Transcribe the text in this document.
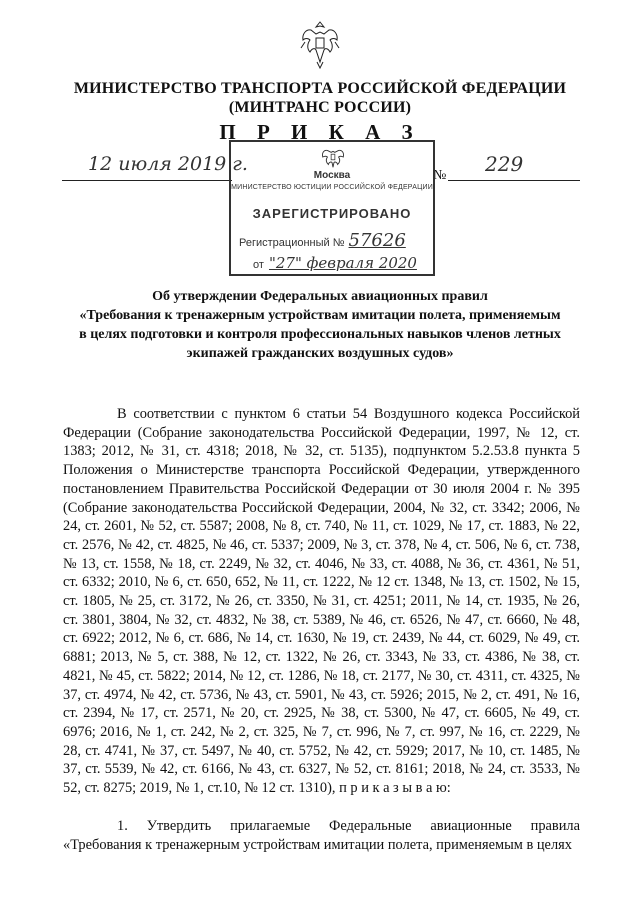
МИНИСТЕРСТВО ТРАНСПОРТА РОССИЙСКОЙ ФЕДЕРАЦИИ
(МИНТРАНС РОССИИ)
П Р И К А З
12 июля 2019 г.
№ 229
Москва
МИНИСТЕРСТВО ЮСТИЦИИ РОССИЙСКОЙ ФЕДЕРАЦИИ
ЗАРЕГИСТРИРОВАНО
Регистрационный № 57626
от "27" февраля 2020
Об утверждении Федеральных авиационных правил
«Требования к тренажерным устройствам имитации полета, применяемым
в целях подготовки и контроля профессиональных навыков членов летных
экипажей гражданских воздушных судов»
В соответствии с пунктом 6 статьи 54 Воздушного кодекса Российской Федерации (Собрание законодательства Российской Федерации, 1997, № 12, ст. 1383; 2012, № 31, ст. 4318; 2018, № 32, ст. 5135), подпунктом 5.2.53.8 пункта 5 Положения о Министерстве транспорта Российской Федерации, утвержденного постановлением Правительства Российской Федерации от 30 июля 2004 г. № 395 (Собрание законодательства Российской Федерации, 2004, № 32, ст. 3342; 2006, № 24, ст. 2601, № 52, ст. 5587; 2008, № 8, ст. 740, № 11, ст. 1029, № 17, ст. 1883, № 22, ст. 2576, № 42, ст. 4825, № 46, ст. 5337; 2009, № 3, ст. 378, № 4, ст. 506, № 6, ст. 738, № 13, ст. 1558, № 18, ст. 2249, № 32, ст. 4046, № 33, ст. 4088, № 36, ст. 4361, № 51, ст. 6332; 2010, № 6, ст. 650, 652, № 11, ст. 1222, № 12 ст. 1348, № 13, ст. 1502, № 15, ст. 1805, № 25, ст. 3172, № 26, ст. 3350, № 31, ст. 4251; 2011, № 14, ст. 1935, № 26, ст. 3801, 3804, № 32, ст. 4832, № 38, ст. 5389, № 46, ст. 6526, № 47, ст. 6660, № 48, ст. 6922; 2012, № 6, ст. 686, № 14, ст. 1630, № 19, ст. 2439, № 44, ст. 6029, № 49, ст. 6881; 2013, № 5, ст. 388, № 12, ст. 1322, № 26, ст. 3343, № 33, ст. 4386, № 38, ст. 4821, № 45, ст. 5822; 2014, № 12, ст. 1286, № 18, ст. 2177, № 30, ст. 4311, ст. 4325, № 37, ст. 4974, № 42, ст. 5736, № 43, ст. 5901, № 43, ст. 5926; 2015, № 2, ст. 491, № 16, ст. 2394, № 17, ст. 2571, № 20, ст. 2925, № 38, ст. 5300, № 47, ст. 6605, № 49, ст. 6976; 2016, № 1, ст. 242, № 2, ст. 325, № 7, ст. 996, № 7, ст. 997, № 16, ст. 2229, № 28, ст. 4741, № 37, ст. 5497, № 40, ст. 5752, № 42, ст. 5929; 2017, № 10, ст. 1485, № 37, ст. 5539, № 42, ст. 6166, № 43, ст. 6327, № 52, ст. 8161; 2018, № 24, ст. 3533, № 52, ст. 8275; 2019, № 1, ст.10, № 12 ст. 1310), п р и к а з ы в а ю:
1. Утвердить прилагаемые Федеральные авиационные правила «Требования к тренажерным устройствам имитации полета, применяемым в целях
